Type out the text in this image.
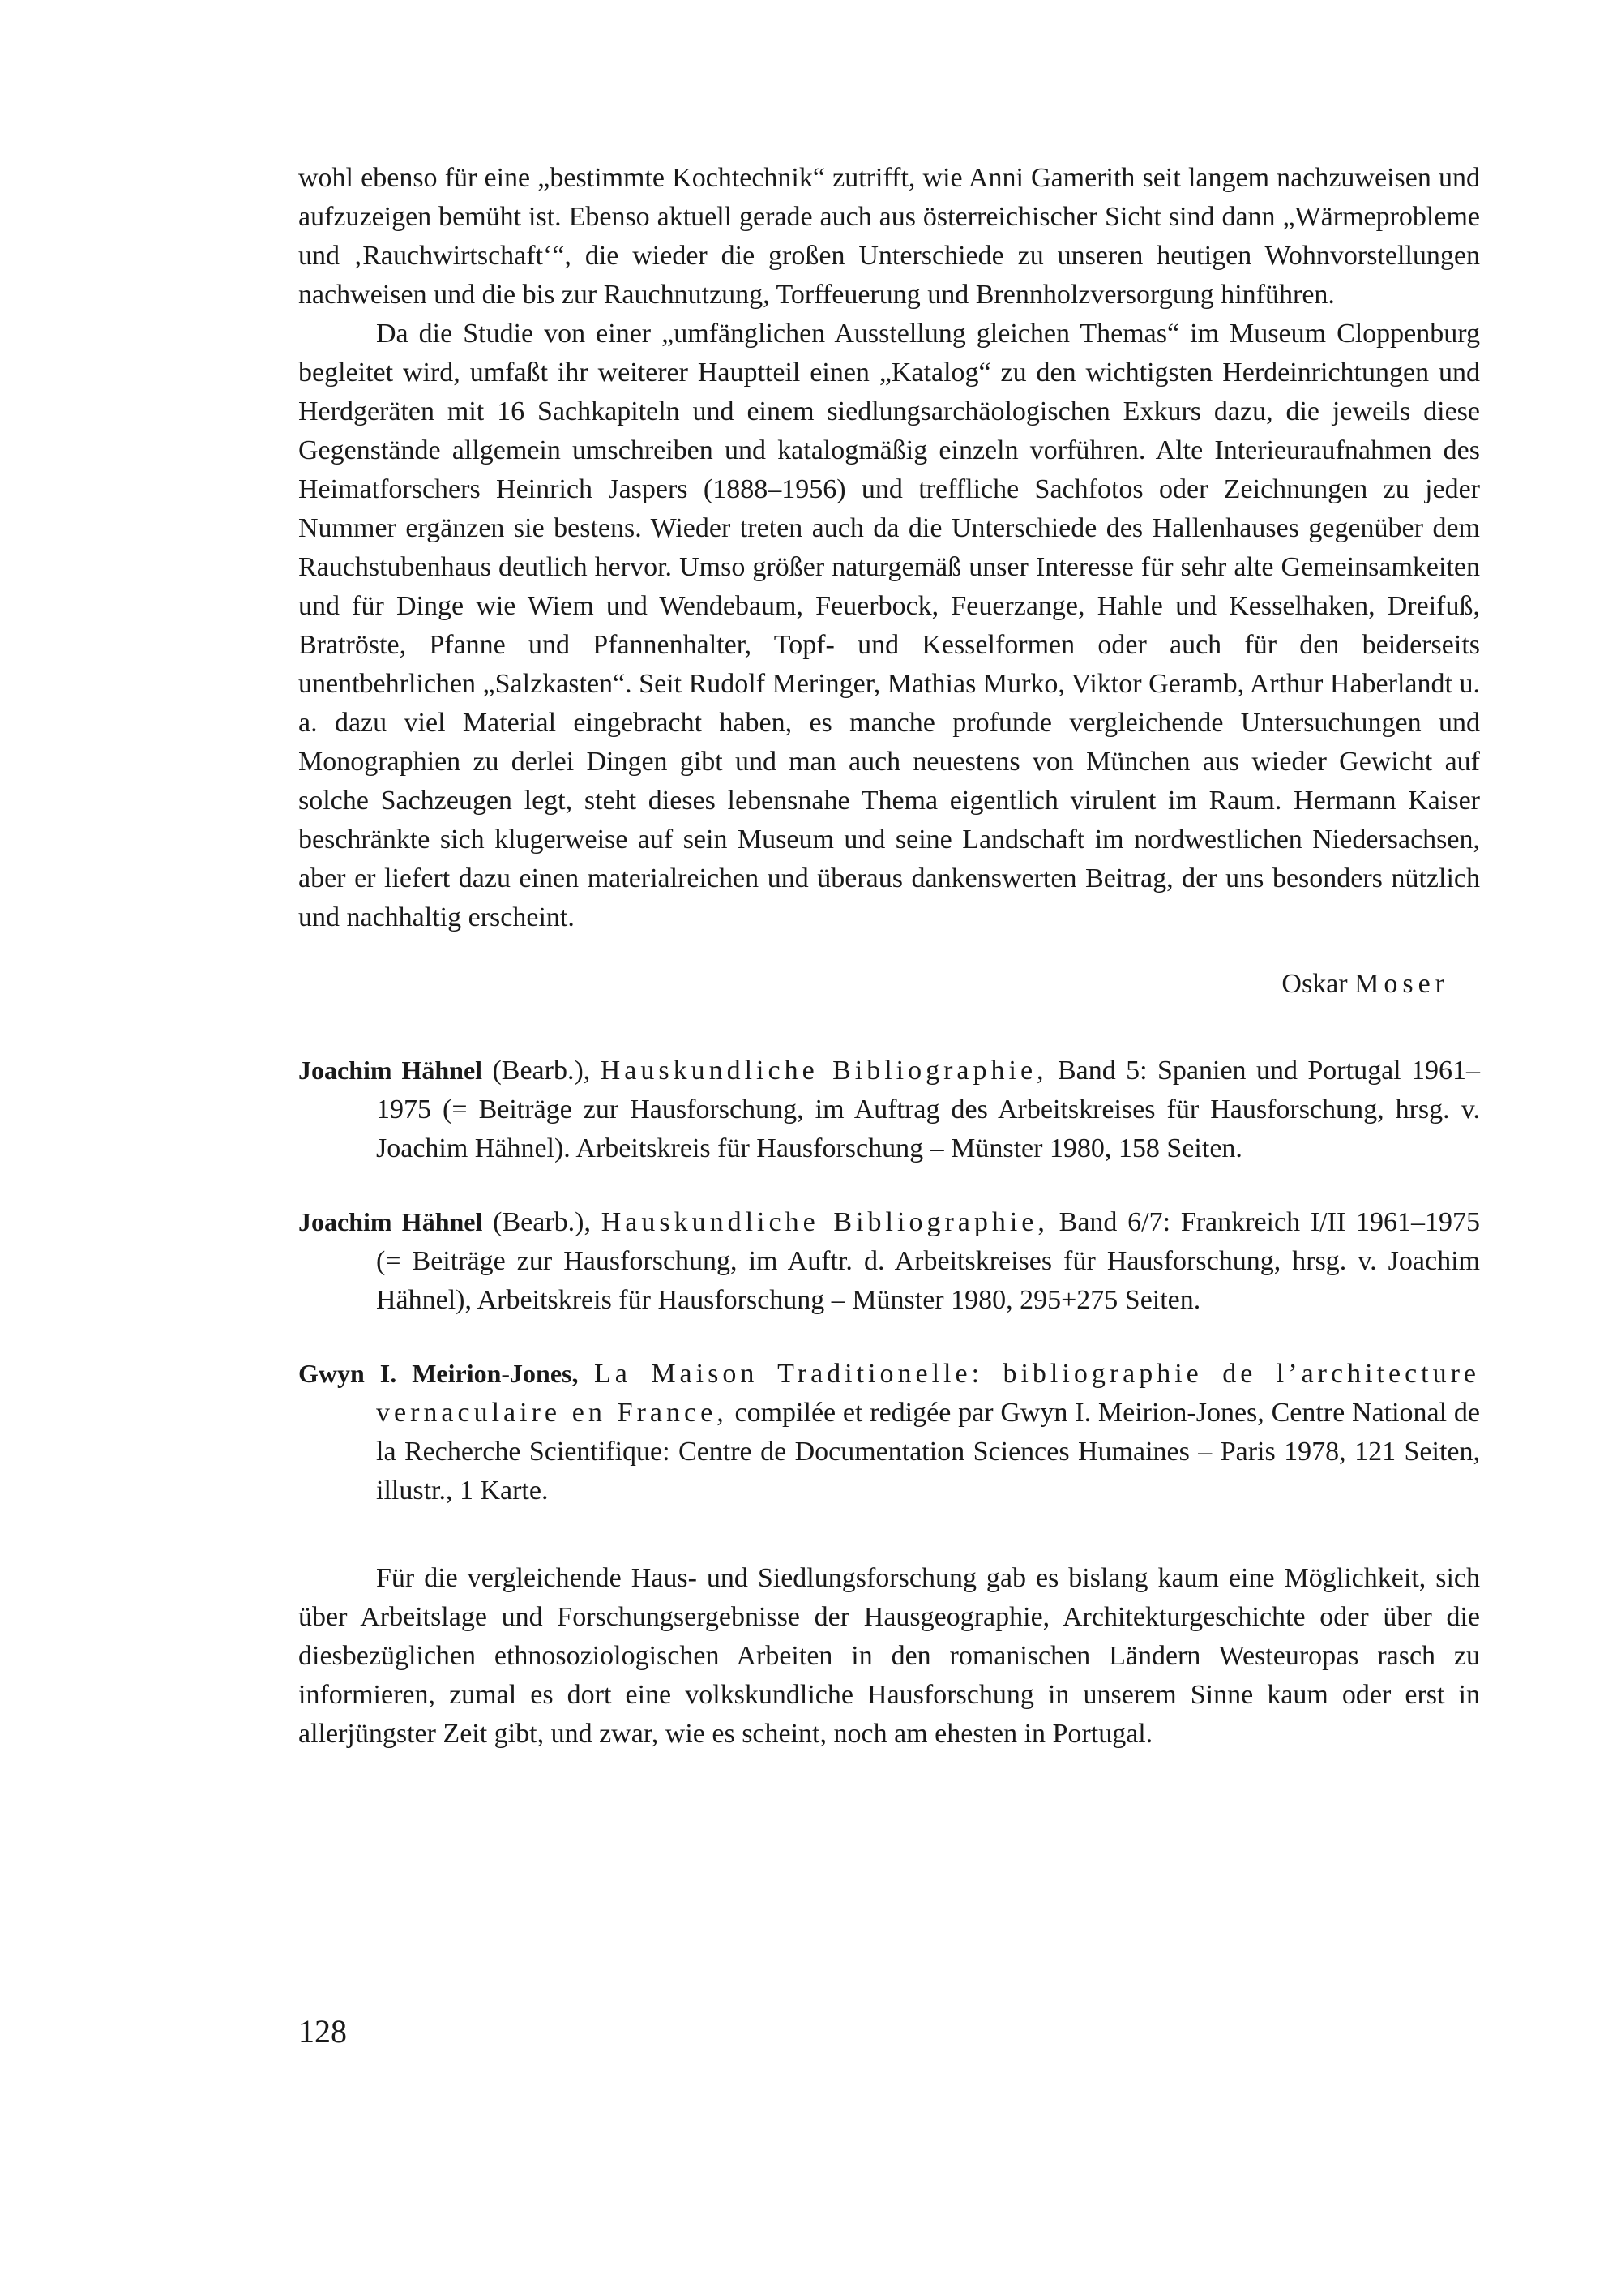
wohl ebenso für eine „bestimmte Kochtechnik“ zutrifft, wie Anni Gamerith seit langem nachzuweisen und aufzuzeigen bemüht ist. Ebenso aktuell gerade auch aus österreichischer Sicht sind dann „Wärmeprobleme und ‚Rauchwirtschaft‘“, die wieder die großen Unterschiede zu unseren heutigen Wohnvorstellungen nachweisen und die bis zur Rauchnutzung, Torffeuerung und Brennholzversorgung hinführen.

Da die Studie von einer „umfänglichen Ausstellung gleichen Themas“ im Museum Cloppenburg begleitet wird, umfaßt ihr weiterer Hauptteil einen „Katalog“ zu den wichtigsten Herdeinrichtungen und Herdgeräten mit 16 Sachkapiteln und einem siedlungsarchäologischen Exkurs dazu, die jeweils diese Gegenstände allgemein umschreiben und katalogmäßig einzeln vorführen. Alte Interieuraufnahmen des Heimatforschers Heinrich Jaspers (1888–1956) und treffliche Sachfotos oder Zeichnungen zu jeder Nummer ergänzen sie bestens. Wieder treten auch da die Unterschiede des Hallenhauses gegenüber dem Rauchstubenhaus deutlich hervor. Umso größer naturgemäß unser Interesse für sehr alte Gemeinsamkeiten und für Dinge wie Wiem und Wendebaum, Feuerbock, Feuerzange, Hahle und Kesselhaken, Dreifuß, Bratröste, Pfanne und Pfannenhalter, Topf- und Kesselformen oder auch für den beiderseits unentbehrlichen „Salzkasten“. Seit Rudolf Meringer, Mathias Murko, Viktor Geramb, Arthur Haberlandt u. a. dazu viel Material eingebracht haben, es manche profunde vergleichende Untersuchungen und Monographien zu derlei Dingen gibt und man auch neuestens von München aus wieder Gewicht auf solche Sachzeugen legt, steht dieses lebensnahe Thema eigentlich virulent im Raum. Hermann Kaiser beschränkte sich klugerweise auf sein Museum und seine Landschaft im nordwestlichen Niedersachsen, aber er liefert dazu einen materialreichen und überaus dankenswerten Beitrag, der uns besonders nützlich und nachhaltig erscheint.

Oskar Moser

Joachim Hähnel (Bearb.), Hauskundliche Bibliographie, Band 5: Spanien und Portugal 1961–1975 (= Beiträge zur Hausforschung, im Auftrag des Arbeitskreises für Hausforschung, hrsg. v. Joachim Hähnel). Arbeitskreis für Hausforschung – Münster 1980, 158 Seiten.

Joachim Hähnel (Bearb.), Hauskundliche Bibliographie, Band 6/7: Frankreich I/II 1961–1975 (= Beiträge zur Hausforschung, im Auftr. d. Arbeitskreises für Hausforschung, hrsg. v. Joachim Hähnel), Arbeitskreis für Hausforschung – Münster 1980, 295+275 Seiten.

Gwyn I. Meirion-Jones, La Maison Traditionelle: bibliographie de l’architecture vernaculaire en France, compilée et redigée par Gwyn I. Meirion-Jones, Centre National de la Recherche Scientifique: Centre de Documentation Sciences Humaines – Paris 1978, 121 Seiten, illustr., 1 Karte.

Für die vergleichende Haus- und Siedlungsforschung gab es bislang kaum eine Möglichkeit, sich über Arbeitslage und Forschungsergebnisse der Hausgeographie, Architekturgeschichte oder über die diesbezüglichen ethnosoziologischen Arbeiten in den romanischen Ländern Westeuropas rasch zu informieren, zumal es dort eine volkskundliche Hausforschung in unserem Sinne kaum oder erst in allerjüngster Zeit gibt, und zwar, wie es scheint, noch am ehesten in Portugal.

128
